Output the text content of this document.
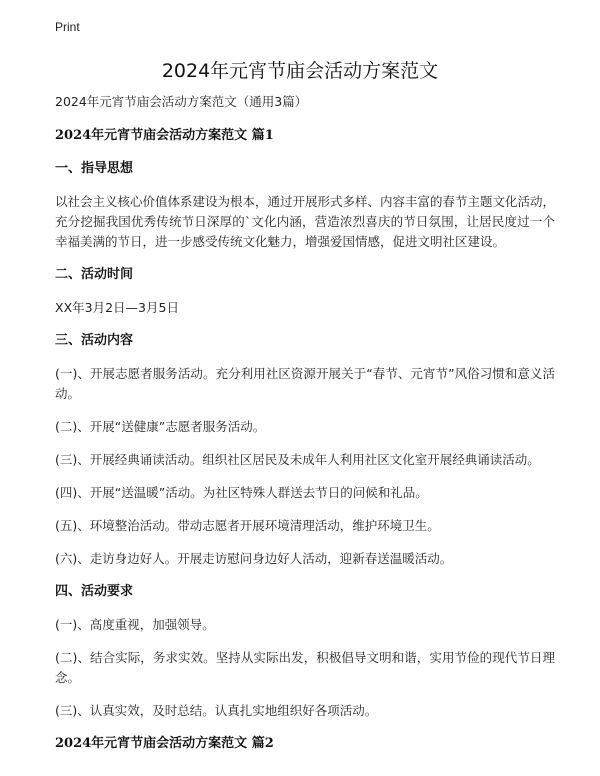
Print
2024年元宵节庙会活动方案范文

2024年元宵节庙会活动方案范文（通用3篇）

2024年元宵节庙会活动方案范文 篇1

一、指导思想

以社会主义核心价值体系建设为根本，通过开展形式多样、内容丰富的春节主题文化活动，充分挖掘我国优秀传统节日深厚的`文化内涵，营造浓烈喜庆的节日氛围，让居民度过一个幸福美满的节日，进一步感受传统文化魅力，增强爱国情感，促进文明社区建设。

二、活动时间

XX年3月2日—3月5日

三、活动内容

(一)、开展志愿者服务活动。充分利用社区资源开展关于“春节、元宵节”风俗习惯和意义活动。

(二)、开展“送健康”志愿者服务活动。

(三)、开展经典诵读活动。组织社区居民及未成年人利用社区文化室开展经典诵读活动。

(四)、开展“送温暖”活动。为社区特殊人群送去节日的问候和礼品。

(五)、环境整治活动。带动志愿者开展环境清理活动，维护环境卫生。

(六)、走访身边好人。开展走访慰问身边好人活动，迎新春送温暖活动。

四、活动要求

(一)、高度重视，加强领导。

(二)、结合实际，务求实效。坚持从实际出发，积极倡导文明和谐，实用节俭的现代节日理念。

(三)、认真实效，及时总结。认真扎实地组织好各项活动。

2024年元宵节庙会活动方案范文 篇2
